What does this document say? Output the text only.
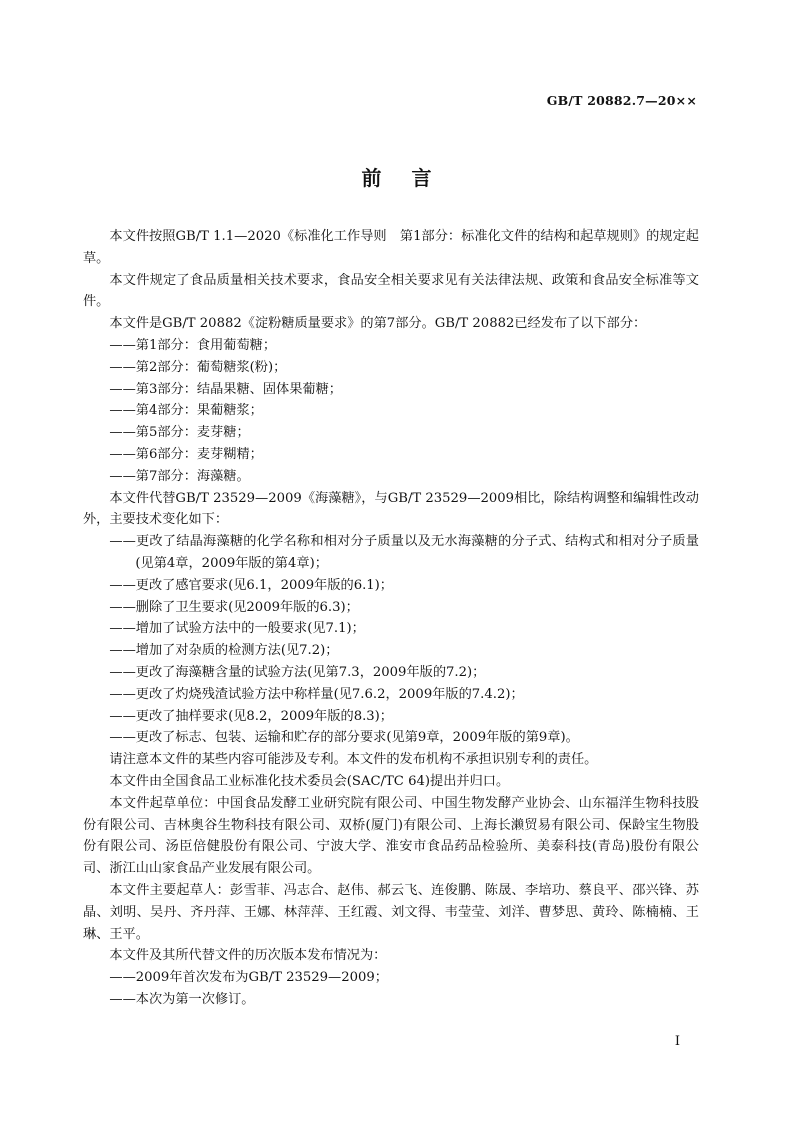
GB/T 20882.7—20××
前言

本文件按照GB/T 1.1—2020《标准化工作导则　第1部分：标准化文件的结构和起草规则》的规定起草。

本文件规定了食品质量相关技术要求，食品安全相关要求见有关法律法规、政策和食品安全标准等文件。

本文件是GB/T 20882《淀粉糖质量要求》的第7部分。GB/T 20882已经发布了以下部分：

——第1部分：食用葡萄糖；

——第2部分：葡萄糖浆(粉)；

——第3部分：结晶果糖、固体果葡糖；

——第4部分：果葡糖浆；

——第5部分：麦芽糖；

——第6部分：麦芽糊精；

——第7部分：海藻糖。

本文件代替GB/T 23529—2009《海藻糖》，与GB/T 23529—2009相比，除结构调整和编辑性改动外，主要技术变化如下：

——更改了结晶海藻糖的化学名称和相对分子质量以及无水海藻糖的分子式、结构式和相对分子质量(见第4章，2009年版的第4章)；

——更改了感官要求(见6.1，2009年版的6.1)；

——删除了卫生要求(见2009年版的6.3)；

——增加了试验方法中的一般要求(见7.1)；

——增加了对杂质的检测方法(见7.2)；

——更改了海藻糖含量的试验方法(见第7.3，2009年版的7.2)；

——更改了灼烧残渣试验方法中称样量(见7.6.2，2009年版的7.4.2)；

——更改了抽样要求(见8.2，2009年版的8.3)；

——更改了标志、包装、运输和贮存的部分要求(见第9章，2009年版的第9章)。

请注意本文件的某些内容可能涉及专利。本文件的发布机构不承担识别专利的责任。

本文件由全国食品工业标准化技术委员会(SAC/TC 64)提出并归口。

本文件起草单位：中国食品发酵工业研究院有限公司、中国生物发酵产业协会、山东福洋生物科技股份有限公司、吉林奥谷生物科技有限公司、双桥(厦门)有限公司、上海长濑贸易有限公司、保龄宝生物股份有限公司、汤臣倍健股份有限公司、宁波大学、淮安市食品药品检验所、美泰科技(青岛)股份有限公司、浙江山山家食品产业发展有限公司。

本文件主要起草人：彭雪菲、冯志合、赵伟、郝云飞、连俊鹏、陈晟、李培功、蔡良平、邵兴锋、苏晶、刘明、吴丹、齐丹萍、王娜、林萍萍、王红霞、刘文得、韦莹莹、刘洋、曹梦思、黄玲、陈楠楠、王琳、王平。

本文件及其所代替文件的历次版本发布情况为：

——2009年首次发布为GB/T 23529—2009；

——本次为第一次修订。

I
